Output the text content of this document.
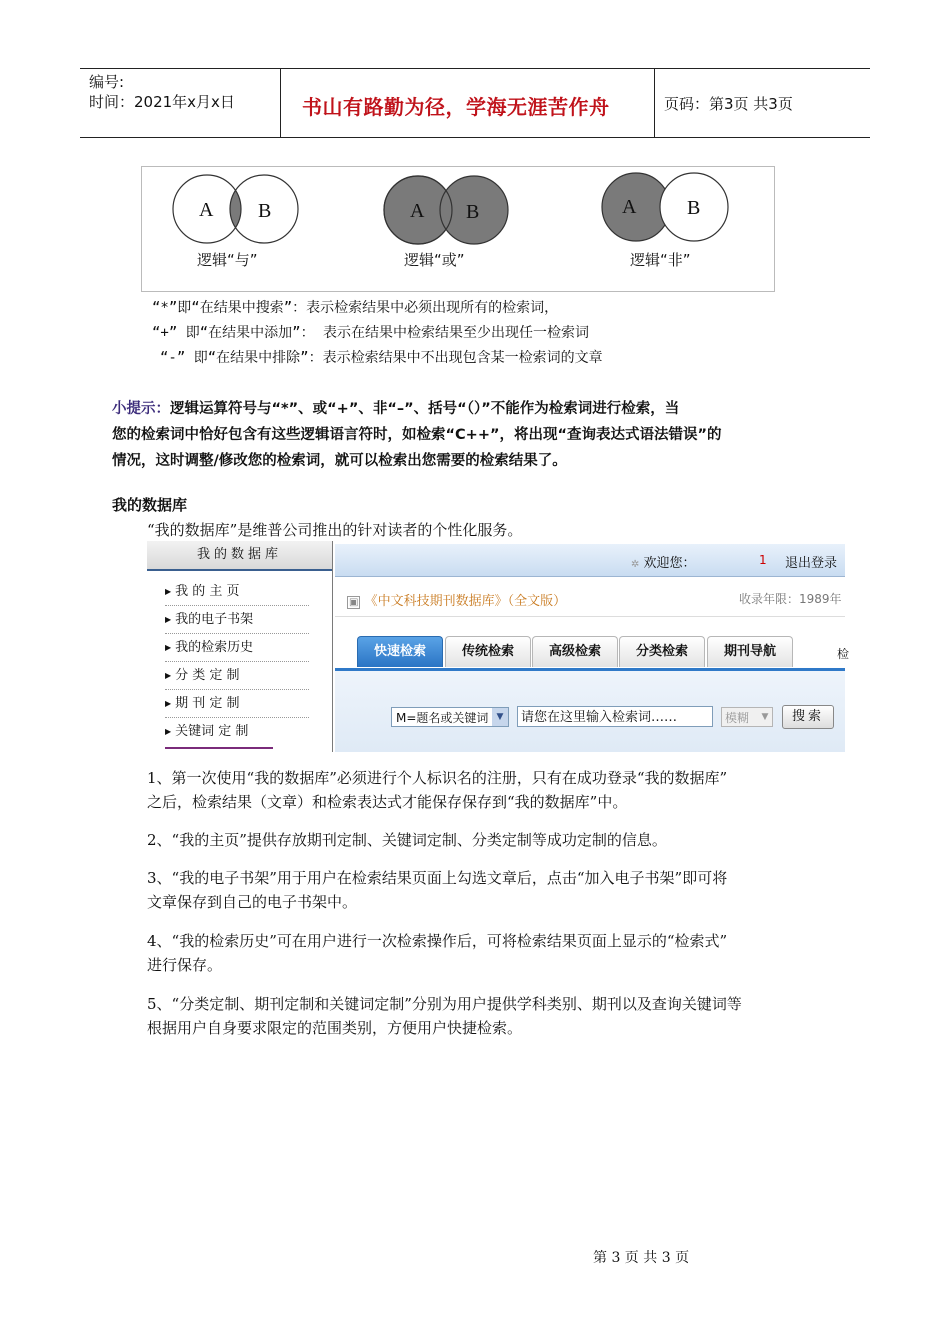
编号:
时间：2021年x月x日	书山有路勤为径，学海无涯苦作舟	页码：第3页 共3页
A B	A B	A	B
逻辑“与”	逻辑“或”	逻辑“非”
“*”即“在结果中搜索”：表示检索结果中必须出现所有的检索词，
“+” 即“在结果中添加”： 表示在结果中检索结果至少出现任一检索词
“-” 即“在结果中排除”：表示检索结果中不出现包含某一检索词的文章
小提示：逻辑运算符号与“*”、或“+”、非“–”、括号“（）”不能作为检索词进行检索，当
您的检索词中恰好包含有这些逻辑语言符时，如检索“C++”，将出现“查询表达式语法错误”的
情况，这时调整/修改您的检索词，就可以检索出您需要的检索结果了。
我的数据库
“我的数据库”是维普公司推出的针对读者的个性化服务。
我的数据库
▶ 我 的 主 页
▶ 我的电子书架
▶ 我的检索历史
▶ 分 类 定 制
▶ 期 刊 定 制
▶ 关键词 定 制
✲ 欢迎您：	1 退出登录
▣ 《中文科技期刊数据库》（全文版）	收录年限：1989年
快速检索	传统检索	高级检索	分类检索	期刊导航	检
M=题名或关键词 ▼	请您在这里输入检索词……	模糊	▼	搜索
1、第一次使用“我的数据库”必须进行个人标识名的注册，只有在成功登录“我的数据库”
之后，检索结果（文章）和检索表达式才能保存保存到“我的数据库”中。
2、“我的主页”提供存放期刊定制、关键词定制、分类定制等成功定制的信息。
3、“我的电子书架”用于用户在检索结果页面上勾选文章后，点击“加入电子书架”即可将
文章保存到自己的电子书架中。
4、“我的检索历史”可在用户进行一次检索操作后，可将检索结果页面上显示的“检索式”
进行保存。
5、“分类定制、期刊定制和关键词定制”分别为用户提供学科类别、期刊以及查询关键词等
根据用户自身要求限定的范围类别，方便用户快捷检索。
第 3 页 共 3 页
